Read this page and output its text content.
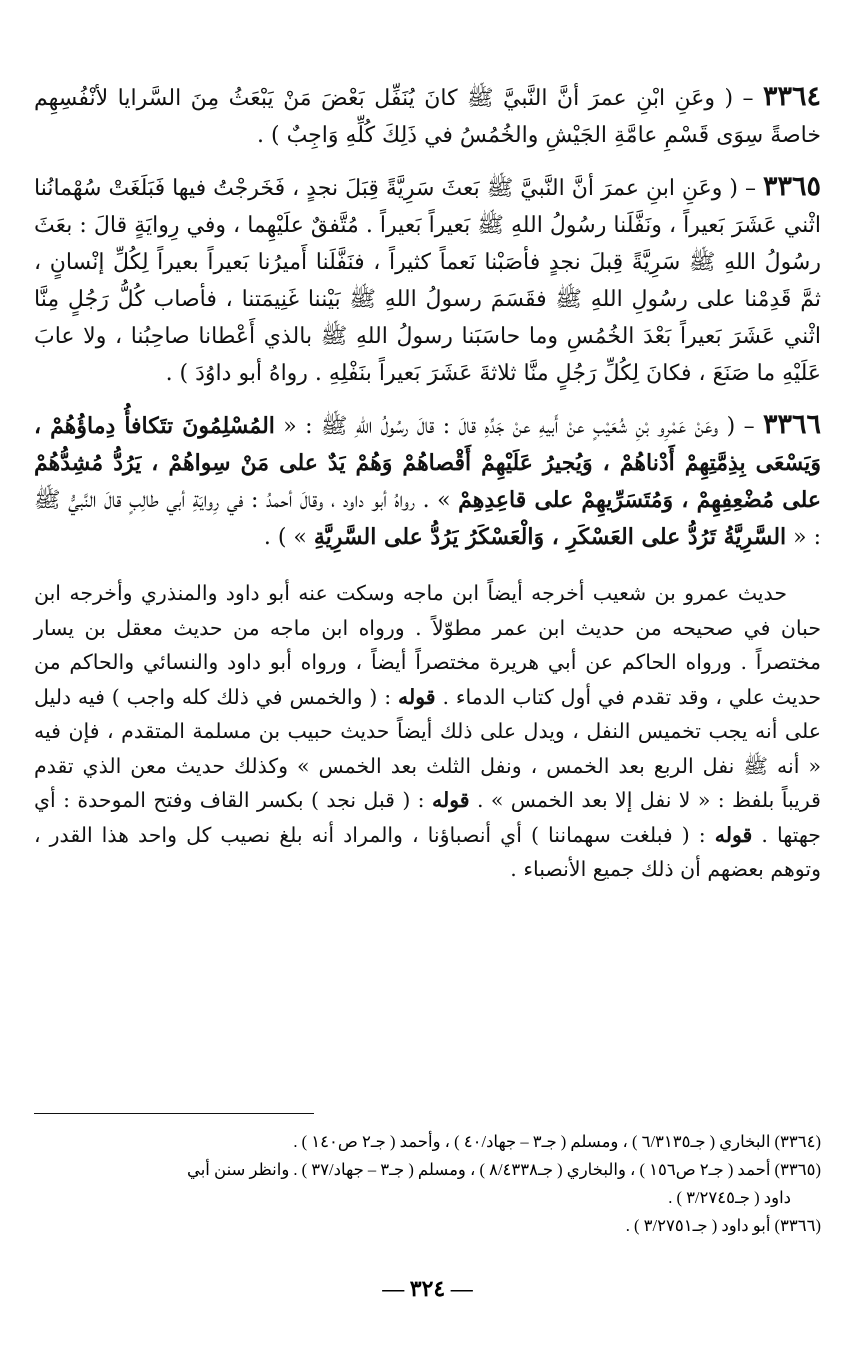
٣٣٦٤ – ( وعَنِ ابْنِ عمرَ أنَّ النَّبيَّ ﷺ كانَ يُنَفِّل بَعْضَ مَنْ يَبْعَثُ مِنَ السَّرايا لأنْفُسِهِم خاصةً سِوَى قَسْمِ عامَّةِ الجَيْشِ والخُمُسُ في ذَلِكَ كُلِّهِ وَاجِبٌ ) .

٣٣٦٥ – ( وعَنِ ابنِ عمرَ أنَّ النَّبيَّ ﷺ بَعثَ سَرِيَّةً قِبَلَ نجدٍ ، فَخَرجْتُ فيها فَبَلَغَتْ سُهْمانُنا اثْني عَشَرَ بَعيراً ، ونَفَّلَنا رسُولُ اللهِ ﷺ بَعيراً بَعيراً . مُتَّفقٌ علَيْهِما ، وفي رِوايَةٍ قالَ : بعَثَ رسُولُ اللهِ ﷺ سَرِيَّةً قِبلَ نجدٍ فأصَبْنا نَعماً كثيراً ، فنَفَّلَنا أَميرُنا بَعيراً بعيراً لِكُلِّ إنْسانٍ ، ثمَّ قَدِمْنا على رسُولِ اللهِ ﷺ فقَسَمَ رسولُ اللهِ ﷺ بَيْننا غَنِيمَتنا ، فأصاب كُلُّ رَجُلٍ مِنَّا اثْني عَشَرَ بَعيراً بَعْدَ الخُمُسِ وما حاسَبَنا رسولُ اللهِ ﷺ بالذي أَعْطانا صاحِبُنا ، ولا عابَ عَلَيْهِ ما صَنَعَ ، فكانَ لِكُلِّ رَجُلٍ منَّا ثلاثةَ عَشَرَ بَعيراً بنَفْلِهِ . رواهُ أبو داوُدَ ) .

٣٣٦٦ – ( وعَنْ عَمْرِو بْنِ شُعَيْبٍ عنْ أَبيهِ عنْ جَدِّهِ قالَ : قالَ رسُولُ اللهِ ﷺ : « المُسْلِمُونَ تتَكافأُ دِماؤُهُمْ ، وَيَسْعَى بِذِمَّتِهِمْ أَدْناهُمْ ، وَيُجيرُ عَلَيْهِمْ أَقْصاهُمْ وَهُمْ يَدٌ على مَنْ سِواهُمْ ، يَرُدُّ مُشِدُّهُمْ على مُضْعِفِهِمْ ، وَمُتَسَرِّيهِمْ على قاعِدِهِمْ » . رواهُ أبو داود ، وقالَ أحمدُ : في رِوايَةِ أبي طالِبٍ قالَ النَّبيُّ ﷺ : « السَّرِيَّةُ تَرُدُّ على العَسْكَرِ ، وَالْعَسْكَرُ يَرُدُّ على السَّرِيَّةِ » ) .

حديث عمرو بن شعيب أخرجه أيضاً ابن ماجه وسكت عنه أبو داود والمنذري وأخرجه ابن حبان في صحيحه من حديث ابن عمر مطوّلاً . ورواه ابن ماجه من حديث معقل بن يسار مختصراً . ورواه الحاكم عن أبي هريرة مختصراً أيضاً ، ورواه أبو داود والنسائي والحاكم من حديث علي ، وقد تقدم في أول كتاب الدماء . قوله : ( والخمس في ذلك كله واجب ) فيه دليل على أنه يجب تخميس النفل ، ويدل على ذلك أيضاً حديث حبيب بن مسلمة المتقدم ، فإن فيه « أنه ﷺ نفل الربع بعد الخمس ، ونفل الثلث بعد الخمس » وكذلك حديث معن الذي تقدم قريباً بلفظ : « لا نفل إلا بعد الخمس » . قوله : ( قبل نجد ) بكسر القاف وفتح الموحدة : أي جهتها . قوله : ( فبلغت سهماننا ) أي أنصباؤنا ، والمراد أنه بلغ نصيب كل واحد هذا القدر ، وتوهم بعضهم أن ذلك جميع الأنصباء .

(٣٣٦٤) البخاري ( جـ٦/٣١٣٥ ) ، ومسلم ( جـ٣ – جهاد/٤٠ ) ، وأحمد ( جـ٢ ص١٤٠ ) .

(٣٣٦٥) أحمد ( جـ٢ ص١٥٦ ) ، والبخاري ( جـ٨/٤٣٣٨ ) ، ومسلم ( جـ٣ – جهاد/٣٧ ) . وانظر سنن أبي

داود ( جـ٣/٢٧٤٥ ) .

(٣٣٦٦) أبو داود ( جـ٣/٢٧٥١ ) .

— ٣٢٤ —
